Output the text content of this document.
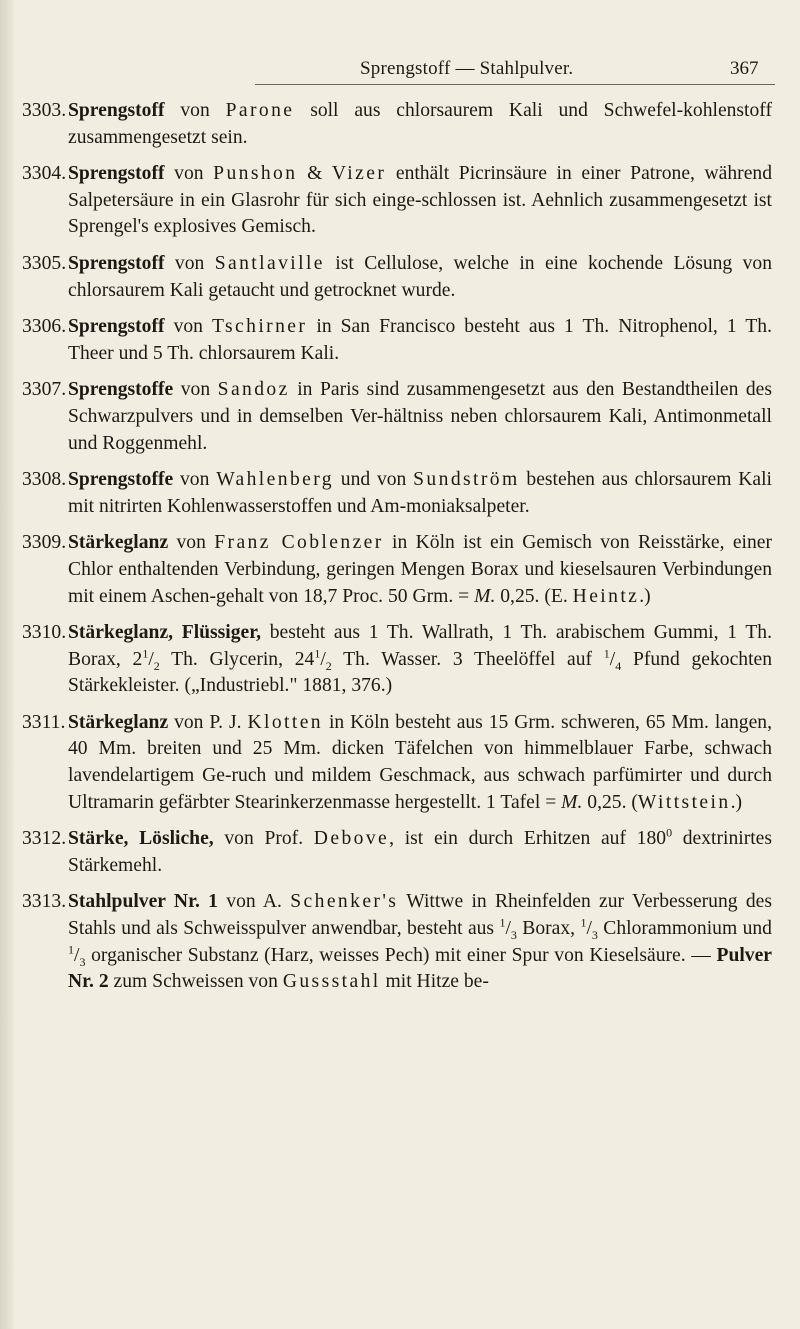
Sprengstoff — Stahlpulver.	367
3303. Sprengstoff von Parone soll aus chlorsaurem Kali und Schwefel-kohlenstoff zusammengesetzt sein.
3304. Sprengstoff von Punshon & Vizer enthält Picrinsäure in einer Patrone, während Salpetersäure in ein Glasrohr für sich einge-schlossen ist. Aehnlich zusammengesetzt ist Sprengel's explosives Gemisch.
3305. Sprengstoff von Santlaville ist Cellulose, welche in eine kochende Lösung von chlorsaurem Kali getaucht und getrocknet wurde.
3306. Sprengstoff von Tschirner in San Francisco besteht aus 1 Th. Nitrophenol, 1 Th. Theer und 5 Th. chlorsaurem Kali.
3307. Sprengstoffe von Sandoz in Paris sind zusammengesetzt aus den Bestandtheilen des Schwarzpulvers und in demselben Ver-hältniss neben chlorsaurem Kali, Antimonmetall und Roggenmehl.
3308. Sprengstoffe von Wahlenberg und von Sundström bestehen aus chlorsaurem Kali mit nitrirten Kohlenwasserstoffen und Am-moniaksalpeter.
3309. Stärkeglanz von Franz Coblenzer in Köln ist ein Gemisch von Reisstärke, einer Chlor enthaltenden Verbindung, geringen Mengen Borax und kieselsauren Verbindungen mit einem Aschen-gehalt von 18,7 Proc. 50 Grm. = M. 0,25. (E. Heintz.)
3310. Stärkeglanz, Flüssiger, besteht aus 1 Th. Wallrath, 1 Th. arabischem Gummi, 1 Th. Borax, $2^1/_2$ Th. Glycerin, $24^1/_2$ Th. Wasser. 3 Theelöffel auf $^1/_4$ Pfund gekochten Stärkekleister. („Industriebl." 1881, 376.)
3311. Stärkeglanz von P. J. Klotten in Köln besteht aus 15 Grm. schweren, 65 Mm. langen, 40 Mm. breiten und 25 Mm. dicken Täfelchen von himmelblauer Farbe, schwach lavendelartigem Ge-ruch und mildem Geschmack, aus schwach parfümirter und durch Ultramarin gefärbter Stearinkerzenmasse hergestellt. 1 Tafel = M. 0,25. (Wittstein.)
3312. Stärke, Lösliche, von Prof. Debove, ist ein durch Erhitzen auf $180^0$ dextrinirtes Stärkemehl.
3313. Stahlpulver Nr. 1 von A. Schenker's Wittwe in Rheinfelden zur Verbesserung des Stahls und als Schweisspulver anwendbar, besteht aus $^1/_3$ Borax, $^1/_3$ Chlorammonium und $^1/_3$ organischer Substanz (Harz, weisses Pech) mit einer Spur von Kieselsäure. — Pulver Nr. 2 zum Schweissen von Gussstahl mit Hitze be-
